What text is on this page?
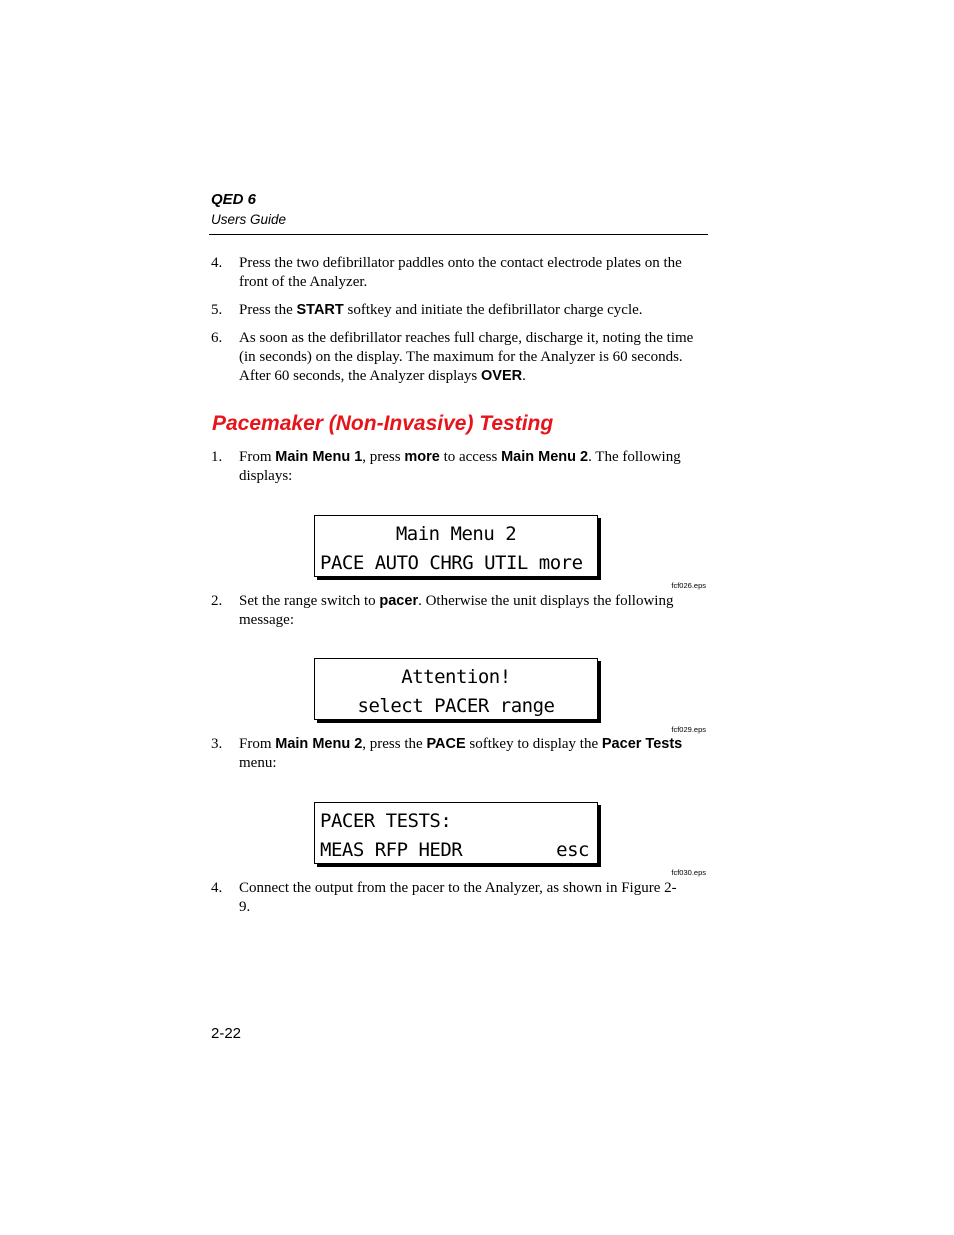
QED 6
Users Guide
4. Press the two defibrillator paddles onto the contact electrode plates on the front of the Analyzer.
5. Press the START softkey and initiate the defibrillator charge cycle.
6. As soon as the defibrillator reaches full charge, discharge it, noting the time (in seconds) on the display. The maximum for the Analyzer is 60 seconds. After 60 seconds, the Analyzer displays OVER.
Pacemaker (Non-Invasive) Testing
1. From Main Menu 1, press more to access Main Menu 2. The following displays:
Main Menu 2
PACE AUTO CHRG UTIL more
fcf026.eps
2. Set the range switch to pacer. Otherwise the unit displays the following message:
Attention!
select PACER range
fcf029.eps
3. From Main Menu 2, press the PACE softkey to display the Pacer Tests menu:
PACER TESTS:
MEAS RFP HEDR	esc
fcf030.eps
4. Connect the output from the pacer to the Analyzer, as shown in Figure 2-9.
2-22
